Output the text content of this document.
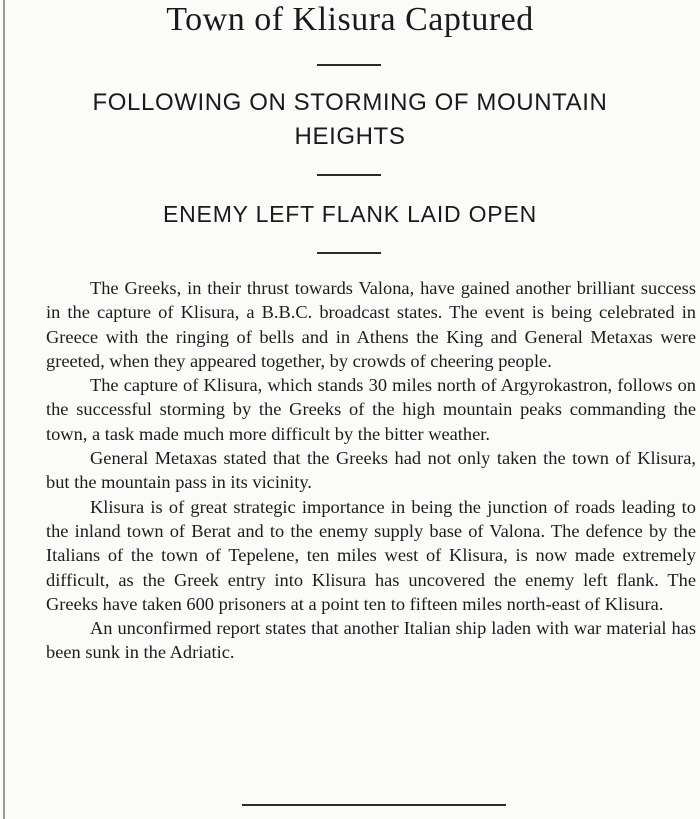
Town of Klisura Captured
FOLLOWING ON STORMING OF MOUNTAIN HEIGHTS
ENEMY LEFT FLANK LAID OPEN

The Greeks, in their thrust towards Valona, have gained another brilliant success in the capture of Klisura, a B.B.C. broadcast states. The event is being celebrated in Greece with the ringing of bells and in Athens the King and General Metaxas were greeted, when they appeared together, by crowds of cheering people.

The capture of Klisura, which stands 30 miles north of Argyrokastron, follows on the successful storming by the Greeks of the high mountain peaks commanding the town, a task made much more difficult by the bitter weather.

General Metaxas stated that the Greeks had not only taken the town of Klisura, but the mountain pass in its vicinity.

Klisura is of great strategic importance in being the junction of roads leading to the inland town of Berat and to the enemy supply base of Valona. The defence by the Italians of the town of Tepelene, ten miles west of Klisura, is now made extremely difficult, as the Greek entry into Klisura has uncovered the enemy left flank. The Greeks have taken 600 prisoners at a point ten to fifteen miles north-east of Klisura.

An unconfirmed report states that another Italian ship laden with war material has been sunk in the Adriatic.
